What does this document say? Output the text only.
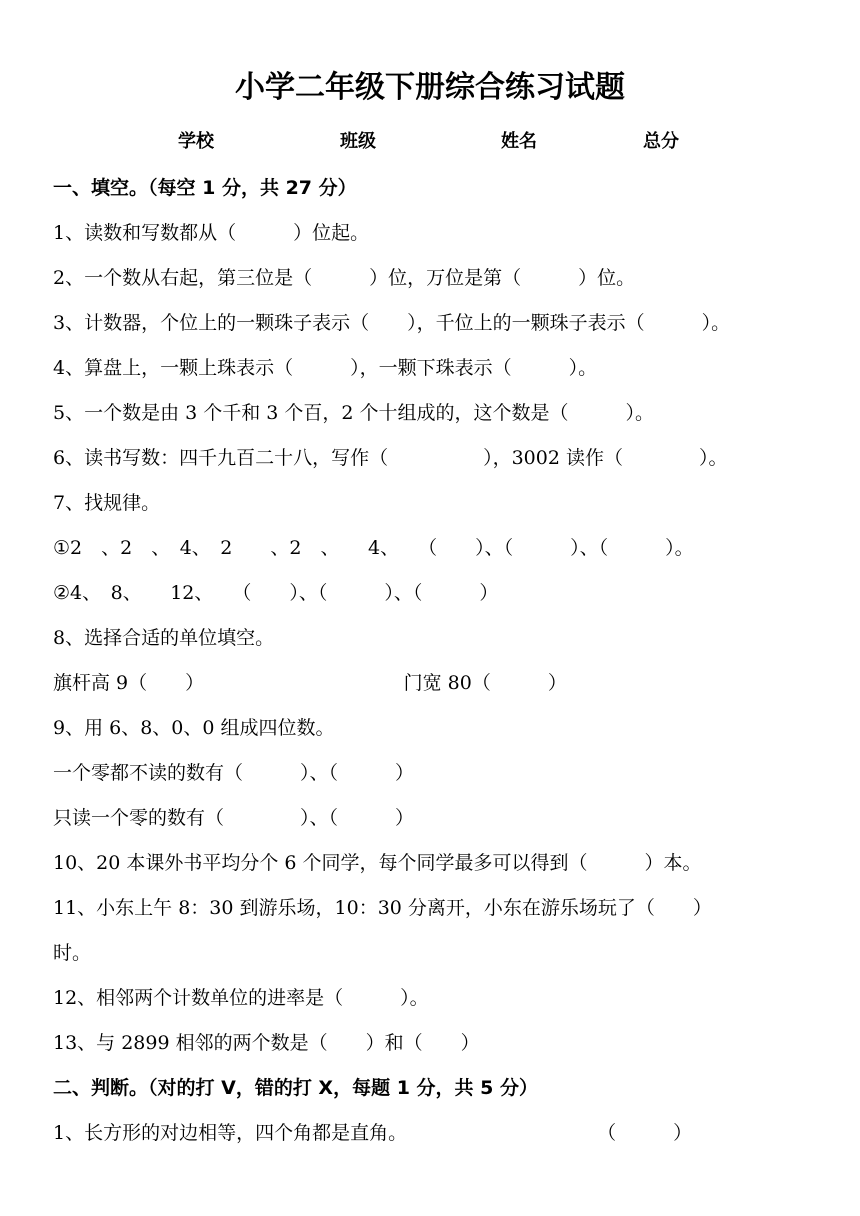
小学二年级下册综合练习试题
学校	班级	姓名	总分
一、填空。（每空 1 分，共 27 分）
1、读数和写数都从（　　　）位起。
2、一个数从右起，第三位是（　　　）位，万位是第（　　　）位。
3、计数器，个位上的一颗珠子表示（　　），千位上的一颗珠子表示（　　　）。
4、算盘上，一颗上珠表示（　　　），一颗下珠表示（　　　）。
5、一个数是由 3 个千和 3 个百，2 个十组成的，这个数是（　　　）。
6、读书写数：四千九百二十八，写作（　　　　　），3002 读作（　　　　）。
7、找规律。
①2　、2　、　4、　2　　、2　、　　4、　　（　　）、（　　　）、（　　　）。
②4、　8、　　12、　　（　　）、（　　　）、（　　　）
8、选择合适的单位填空。
旗杆高 9（　　）　　　　　　　　　　　门宽 80（　　　）
9、用 6、8、0、0 组成四位数。
一个零都不读的数有（　　　）、（　　　）
只读一个零的数有（　　　　）、（　　　）
10、20 本课外书平均分个 6 个同学，每个同学最多可以得到（　　　）本。
11、小东上午 8：30 到游乐场，10：30 分离开，小东在游乐场玩了（　　）
时。
12、相邻两个计数单位的进率是（　　　）。
13、与 2899 相邻的两个数是（　　）和（　　）
二、判断。（对的打 V，错的打 X，每题 1 分，共 5 分）
1、长方形的对边相等，四个角都是直角。　　　　　　　　　　　（　　　）
